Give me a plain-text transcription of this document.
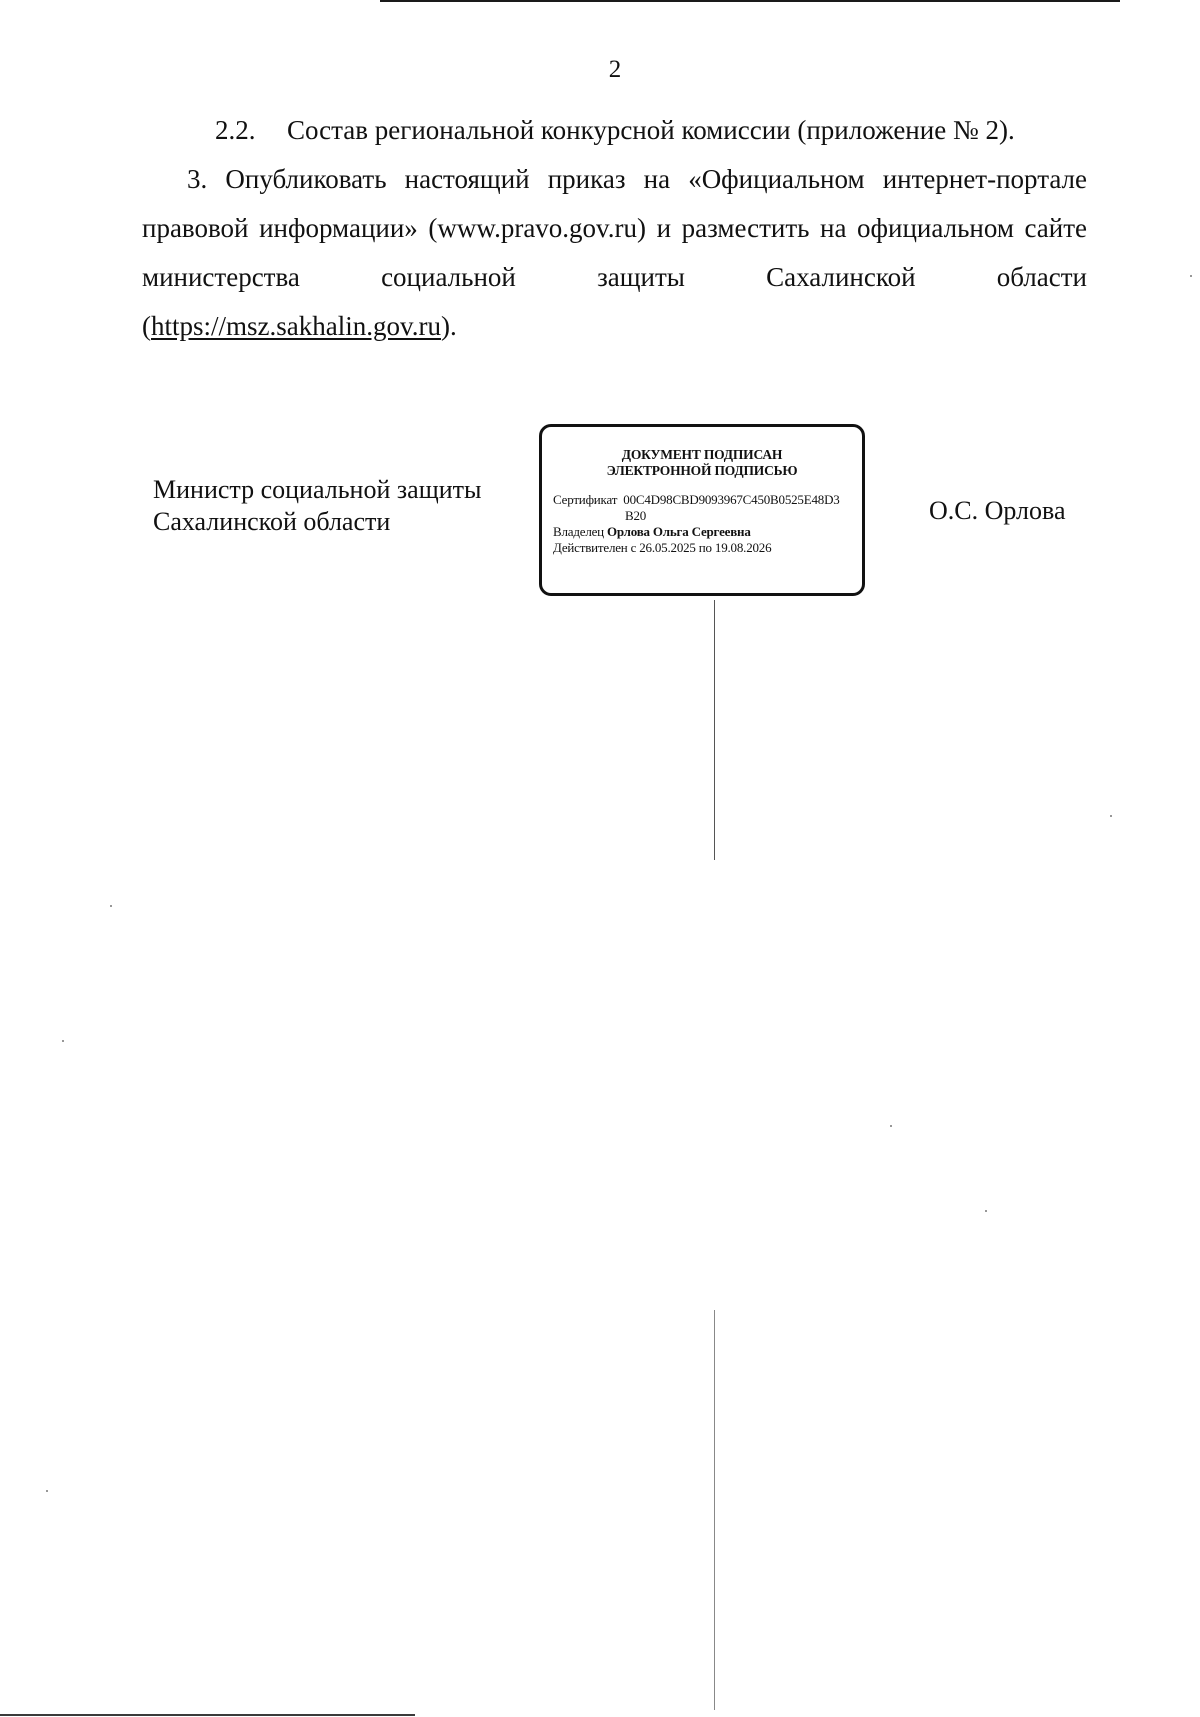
2
2.2. Состав региональной конкурсной комиссии (приложение № 2).
3. Опубликовать настоящий приказ на «Официальном интернет-портале правовой информации» (www.pravo.gov.ru) и разместить на официальном сайте министерства социальной защиты Сахалинской области (https://msz.sakhalin.gov.ru).
Министр социальной защиты
Сахалинской области
ДОКУМЕНТ ПОДПИСАН
ЭЛЕКТРОННОЙ ПОДПИСЬЮ
Сертификат 00C4D98CBD9093967C450B0525E48D3
B20
Владелец Орлова Ольга Сергеевна
Действителен с 26.05.2025 по 19.08.2026
О.С. Орлова
